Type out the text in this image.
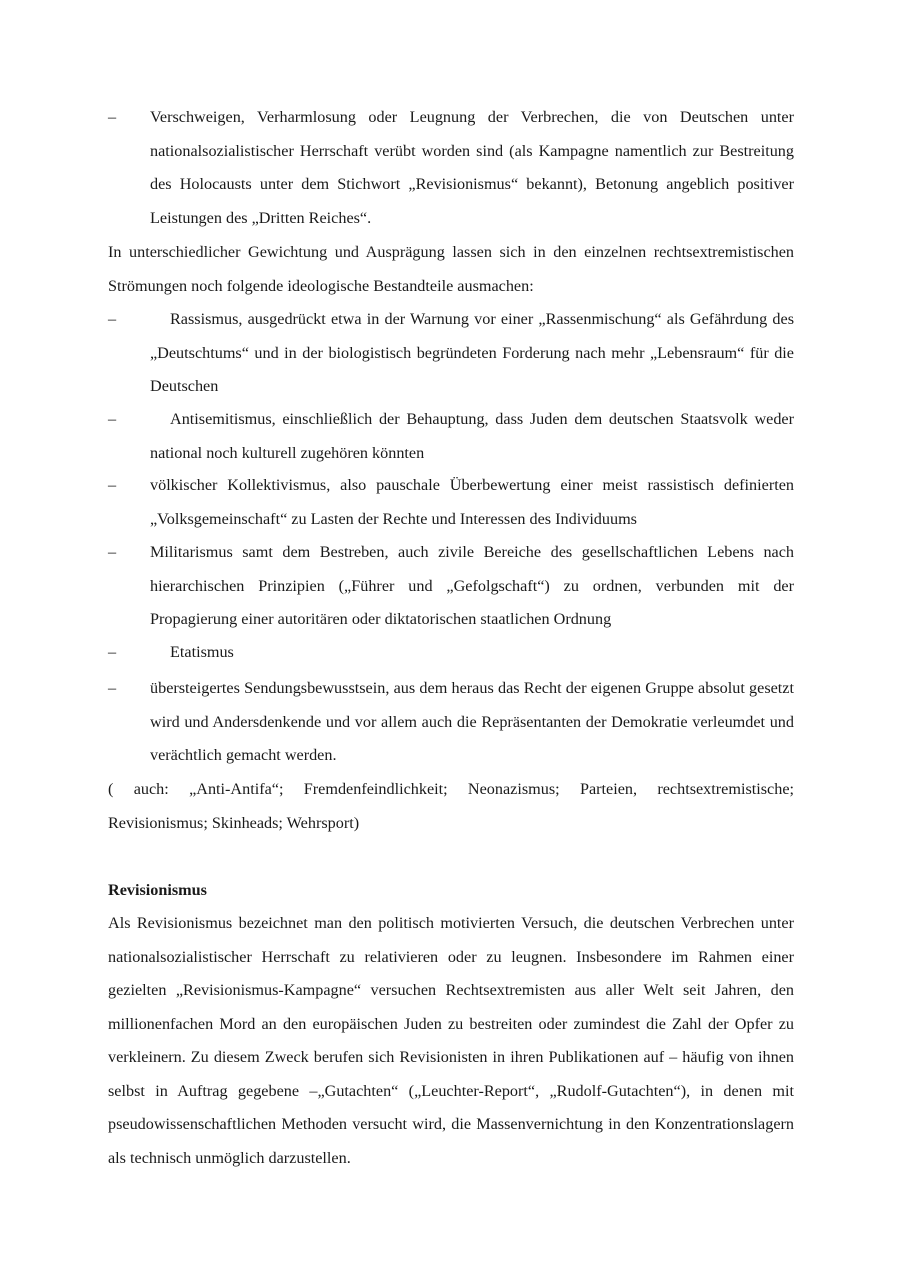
–	Verschweigen, Verharmlosung oder Leugnung der Verbrechen, die von Deutschen unter nationalsozialistischer Herrschaft verübt worden sind (als Kampagne namentlich zur Bestreitung des Holocausts unter dem Stichwort „Revisionismus“ bekannt), Betonung angeblich positiver Leistungen des „Dritten Reiches“.
In unterschiedlicher Gewichtung und Ausprägung lassen sich in den einzelnen rechtsextremistischen Strömungen noch folgende ideologische Bestandteile ausmachen:
–	Rassismus, ausgedrückt etwa in der Warnung vor einer „Rassenmischung“ als Gefährdung des „Deutschtums“ und in der biologistisch begründeten Forderung nach mehr „Lebensraum“ für die Deutschen
–	Antisemitismus, einschließlich der Behauptung, dass Juden dem deutschen Staatsvolk weder national noch kulturell zugehören könnten
–	völkischer Kollektivismus, also pauschale Überbewertung einer meist rassistisch definierten „Volksgemeinschaft“ zu Lasten der Rechte und Interessen des Individuums
–	Militarismus samt dem Bestreben, auch zivile Bereiche des gesellschaftlichen Lebens nach hierarchischen Prinzipien („Führer und „Gefolgschaft“) zu ordnen, verbunden mit der Propagierung einer autoritären oder diktatorischen staatlichen Ordnung
–	Etatismus
–	übersteigertes Sendungsbewusstsein, aus dem heraus das Recht der eigenen Gruppe absolut gesetzt wird und Andersdenkende und vor allem auch die Repräsentanten der Demokratie verleumdet und verächtlich gemacht werden.
( auch: „Anti-Antifa“; Fremdenfeindlichkeit; Neonazismus; Parteien, rechtsextremistische; Revisionismus; Skinheads; Wehrsport)
Revisionismus
Als Revisionismus bezeichnet man den politisch motivierten Versuch, die deutschen Verbrechen unter nationalsozialistischer Herrschaft zu relativieren oder zu leugnen. Insbesondere im Rahmen einer gezielten „Revisionismus-Kampagne“ versuchen Rechtsextremisten aus aller Welt seit Jahren, den millionenfachen Mord an den europäischen Juden zu bestreiten oder zumindest die Zahl der Opfer zu verkleinern. Zu diesem Zweck berufen sich Revisionisten in ihren Publikationen auf – häufig von ihnen selbst in Auftrag gegebene –„Gutachten“ („Leuchter-Report“, „Rudolf-Gutachten“), in denen mit pseudowissenschaftlichen Methoden versucht wird, die Massenvernichtung in den Konzentrationslagern als technisch unmöglich darzustellen.
